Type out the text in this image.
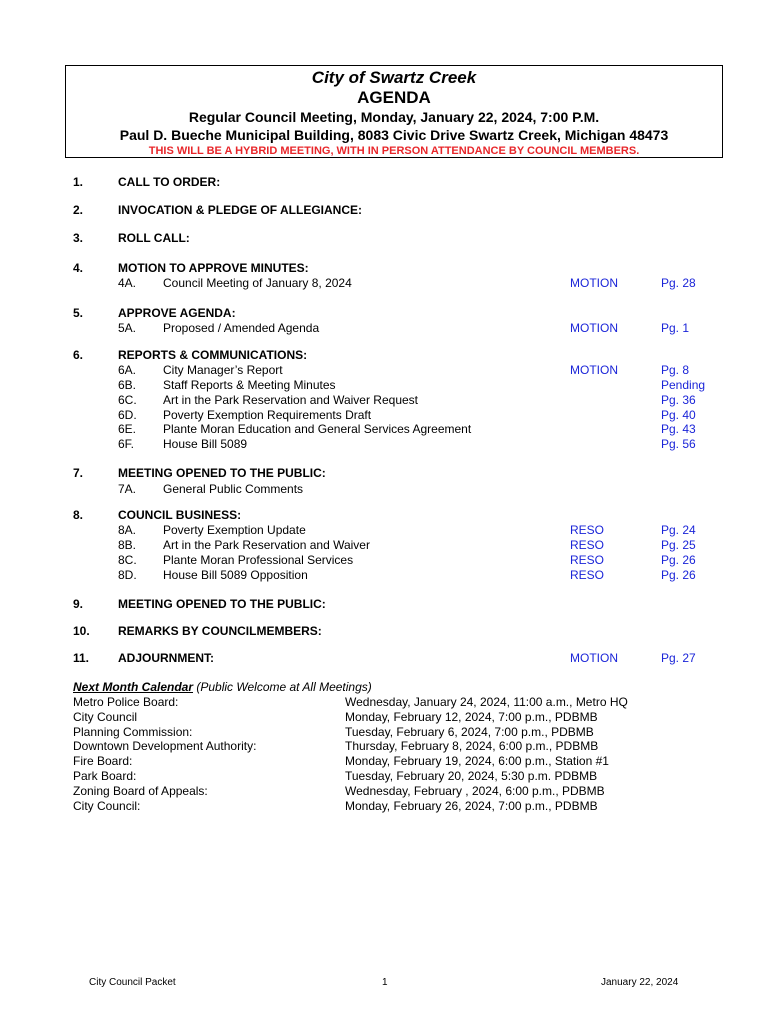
City of Swartz Creek
AGENDA
Regular Council Meeting, Monday, January 22, 2024, 7:00 P.M.
Paul D. Bueche Municipal Building, 8083 Civic Drive Swartz Creek, Michigan 48473
THIS WILL BE A HYBRID MEETING, WITH IN PERSON ATTENDANCE BY COUNCIL MEMBERS.
1.	CALL TO ORDER:
2.	INVOCATION & PLEDGE OF ALLEGIANCE:
3.	ROLL CALL:
4.	MOTION TO APPROVE MINUTES:
4A. Council Meeting of January 8, 2024	MOTION	Pg. 28
5.	APPROVE AGENDA:
5A. Proposed / Amended Agenda	MOTION	Pg. 1
6.	REPORTS & COMMUNICATIONS:
6A. City Manager’s Report	MOTION	Pg. 8
6B. Staff Reports & Meeting Minutes	Pending
6C. Art in the Park Reservation and Waiver Request	Pg. 36
6D. Poverty Exemption Requirements Draft	Pg. 40
6E. Plante Moran Education and General Services Agreement	Pg. 43
6F. House Bill 5089	Pg. 56
7.	MEETING OPENED TO THE PUBLIC:
7A. General Public Comments
8.	COUNCIL BUSINESS:
8A. Poverty Exemption Update	RESO	Pg. 24
8B. Art in the Park Reservation and Waiver	RESO	Pg. 25
8C. Plante Moran Professional Services	RESO	Pg. 26
8D. House Bill 5089 Opposition	RESO	Pg. 26
9.	MEETING OPENED TO THE PUBLIC:
10. REMARKS BY COUNCILMEMBERS:
11. ADJOURNMENT:	MOTION	Pg. 27
Next Month Calendar (Public Welcome at All Meetings)
Metro Police Board:	Wednesday, January 24, 2024, 11:00 a.m., Metro HQ
City Council	Monday, February 12, 2024, 7:00 p.m., PDBMB
Planning Commission:	Tuesday, February 6, 2024, 7:00 p.m., PDBMB
Downtown Development Authority:	Thursday, February 8, 2024, 6:00 p.m., PDBMB
Fire Board:	Monday, February 19, 2024, 6:00 p.m., Station #1
Park Board:	Tuesday, February 20, 2024, 5:30 p.m. PDBMB
Zoning Board of Appeals:	Wednesday, February , 2024, 6:00 p.m., PDBMB
City Council:	Monday, February 26, 2024, 7:00 p.m., PDBMB
City Council Packet	1	January 22, 2024
